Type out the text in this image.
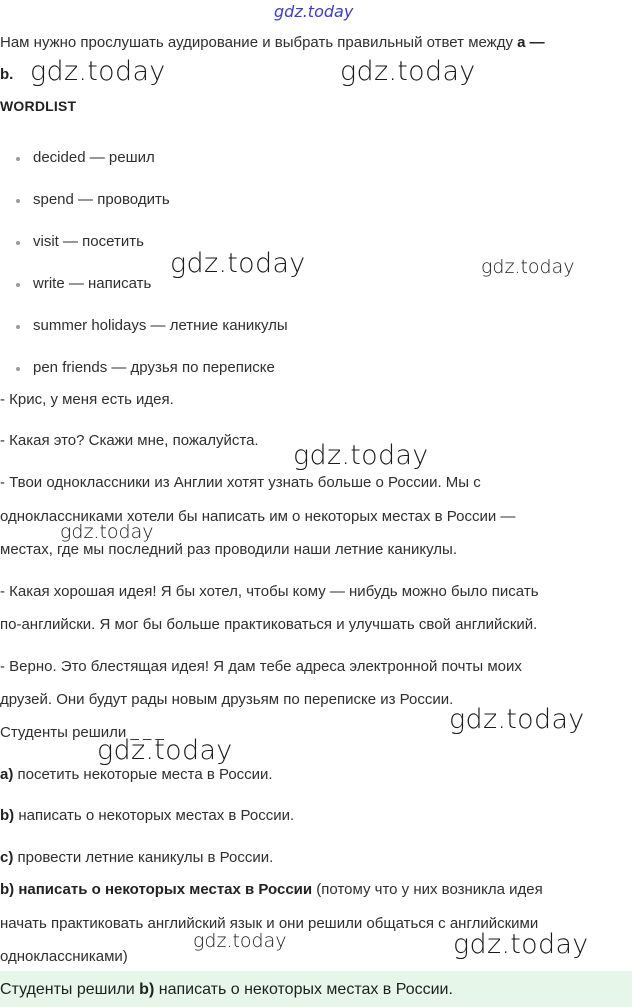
gdz.today
Нам нужно прослушать аудирование и выбрать правильный ответ между a —
b. gdz.today	gdz.today
WORDLIST
decided — решил
spend — проводить
visit — посетить
write — написать
summer holidays — летние каникулы
pen friends — друзья по переписке
gdz.today	gdz.today
- Крис, у меня есть идея.
- Какая это? Скажи мне, пожалуйста. gdz.today
- Твои одноклассники из Англии хотят узнать больше о России. Мы с
одноклассниками хотели бы написать им о некоторых местах в России —
gdz.today
местах, где мы последний раз проводили наши летние каникулы.
- Какая хорошая идея! Я бы хотел, чтобы кому — нибудь можно было писать
по-английски. Я мог бы больше практиковаться и улучшать свой английский.
- Верно. Это блестящая идея! Я дам тебе адреса электронной почты моих
друзей. Они будут рады новым друзьям по переписке из России.
Студенты решили _ _ _	gdz.today
gdz.today
a) посетить некоторые места в России.
b) написать о некоторых местах в России.
c) провести летние каникулы в России.
b) написать о некоторых местах в России (потому что у них возникла идея
начать практиковать английский язык и они решили общаться с английскими
одноклассниками)
gdz.today	gdz.today
Студенты решили b) написать о некоторых местах в России.
